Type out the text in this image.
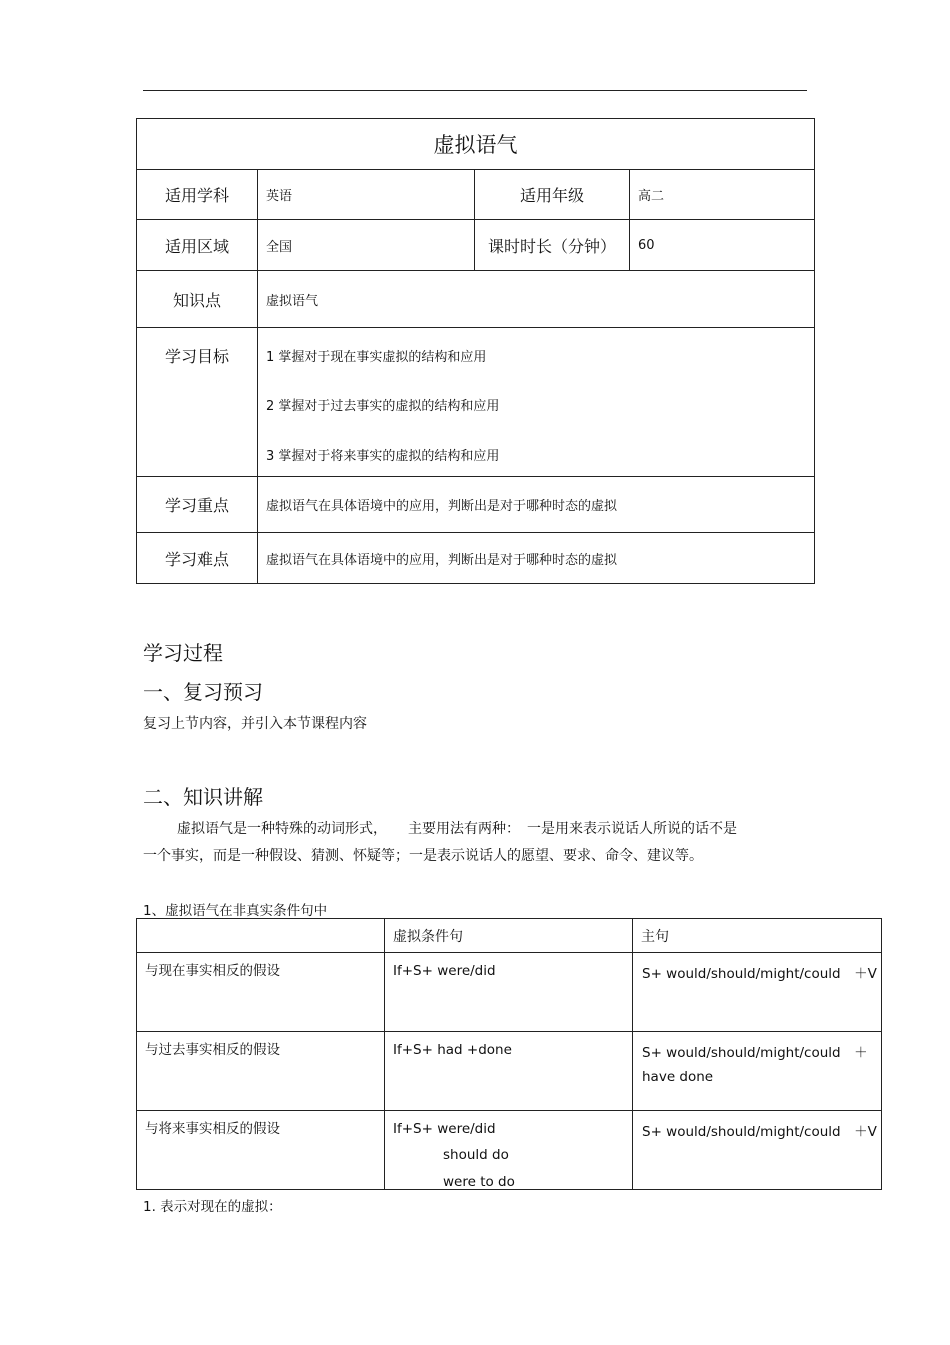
虚拟语气			
适用学科	英语	适用年级	高二
适用区域	全国	课时时长（分钟）	60
知识点	虚拟语气		
学习目标	1 掌握对于现在事实虚拟的结构和应用
2 掌握对于过去事实的虚拟的结构和应用
3 掌握对于将来事实的虚拟的结构和应用		

学习重点	虚拟语气在具体语境中的应用，判断出是对于哪种时态的虚拟		
学习难点	虚拟语气在具体语境中的应用，判断出是对于哪种时态的虚拟		
学习过程
一、复习预习
复习上节内容，并引入本节课程内容
二、知识讲解
虚拟语气是一种特殊的动词形式，　　主要用法有两种：　一是用来表示说话人所说的话不是
一个事实，而是一种假设、猜测、怀疑等；一是表示说话人的愿望、要求、命令、建议等。
1、虚拟语气在非真实条件句中
	虚拟条件句	主句

与现在事实相反的假设	If+S+ were/did	S+ would/should/might/could　＋V

与过去事实相反的假设	If+S+ had +done	S+ would/should/might/could　＋
have done

与将来事实相反的假设	If+S+ were/did
should do
were to do	S+ would/should/might/could　＋V
1. 表示对现在的虚拟：
